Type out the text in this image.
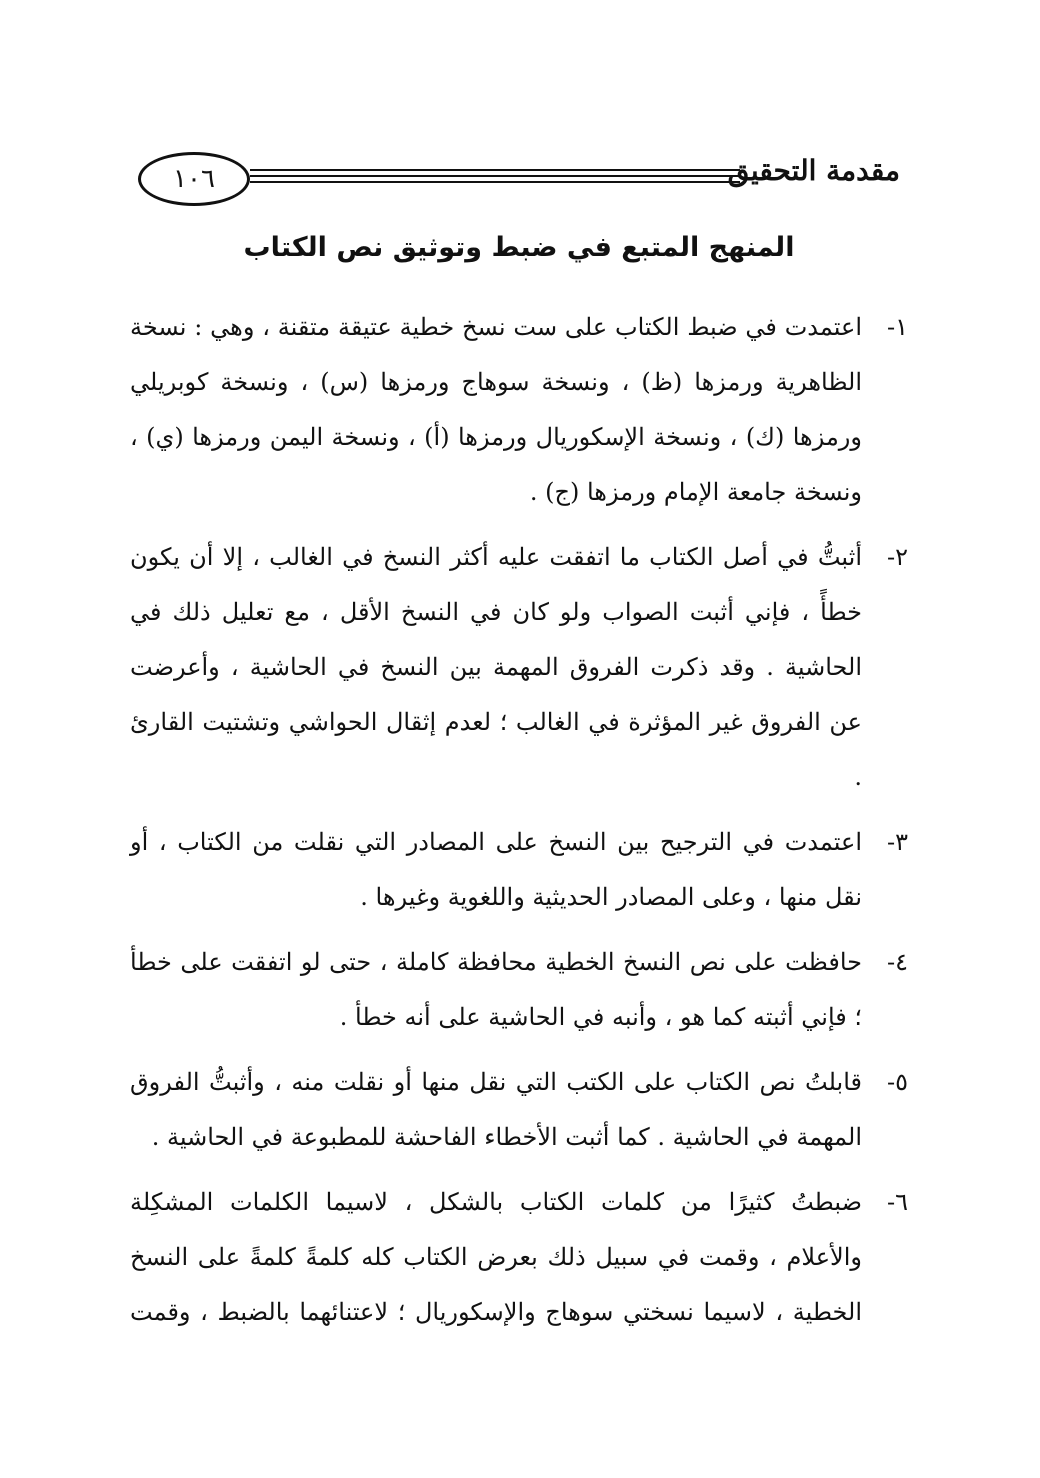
١٠٦	مقدمة التحقيق
المنهج المتبع في ضبط وتوثيق نص الكتاب
١-
اعتمدت في ضبط الكتاب على ست نسخ خطية عتيقة متقنة ، وهي : نسخة الظاهرية ورمزها (ظ) ، ونسخة سوهاج ورمزها (س) ، ونسخة كوبريلي ورمزها (ك) ، ونسخة الإسكوريال ورمزها (أ) ، ونسخة اليمن ورمزها (ي) ، ونسخة جامعة الإمام ورمزها (ج) .
٢-
أثبتُّ في أصل الكتاب ما اتفقت عليه أكثر النسخ في الغالب ، إلا أن يكون خطأً ، فإني أثبت الصواب ولو كان في النسخ الأقل ، مع تعليل ذلك في الحاشية . وقد ذكرت الفروق المهمة بين النسخ في الحاشية ، وأعرضت عن الفروق غير المؤثرة في الغالب ؛ لعدم إثقال الحواشي وتشتيت القارئ .
٣-
اعتمدت في الترجيح بين النسخ على المصادر التي نقلت من الكتاب ، أو نقل منها ، وعلى المصادر الحديثية واللغوية وغيرها .
٤-
حافظت على نص النسخ الخطية محافظة كاملة ، حتى لو اتفقت على خطأ ؛ فإني أثبته كما هو ، وأنبه في الحاشية على أنه خطأ .
٥-
قابلتُ نص الكتاب على الكتب التي نقل منها أو نقلت منه ، وأثبتُّ الفروق المهمة في الحاشية . كما أثبت الأخطاء الفاحشة للمطبوعة في الحاشية .
٦-
ضبطتُ كثيرًا من كلمات الكتاب بالشكل ، لاسيما الكلمات المشكِلة والأعلام ، وقمت في سبيل ذلك بعرض الكتاب كله كلمةً كلمةً على النسخ الخطية ، لاسيما نسختي سوهاج والإسكوريال ؛ لاعتنائهما بالضبط ، وقمت
